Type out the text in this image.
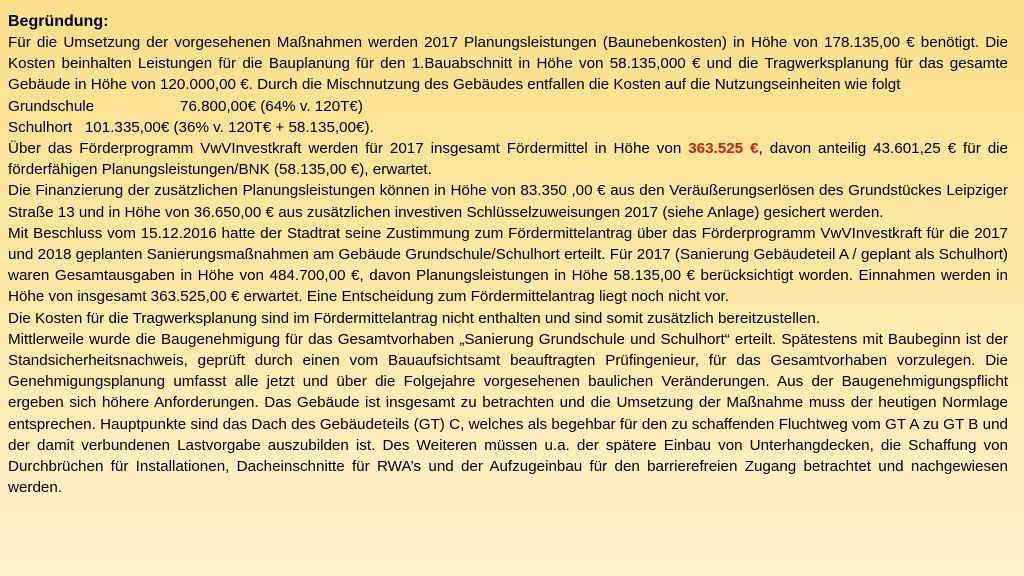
Begründung:

Für die Umsetzung der vorgesehenen Maßnahmen werden 2017 Planungsleistungen (Baunebenkosten) in Höhe von 178.135,00 € benötigt. Die Kosten beinhalten Leistungen für die Bauplanung für den 1.Bauabschnitt in Höhe von 58.135,000 € und die Tragwerksplanung für das gesamte Gebäude in Höhe von 120.000,00 €. Durch die Mischnutzung des Gebäudes entfallen die Kosten auf die Nutzungseinheiten wie folgt

Grundschule	76.800,00€ (64% v. 120T€)

Schulhort   101.335,00€ (36% v. 120T€ + 58.135,00€).

Über das Förderprogramm VwVInvestkraft werden für 2017 insgesamt Fördermittel in Höhe von 363.525 €, davon anteilig 43.601,25 € für die förderfähigen Planungsleistungen/BNK (58.135,00 €), erwartet.

Die Finanzierung der zusätzlichen Planungsleistungen können in Höhe von 83.350 ,00 € aus den Veräußerungserlösen des Grundstückes Leipziger Straße 13 und in Höhe von 36.650,00 € aus zusätzlichen investiven Schlüsselzuweisungen 2017 (siehe Anlage) gesichert werden.

Mit Beschluss vom 15.12.2016 hatte der Stadtrat seine Zustimmung zum Fördermittelantrag über das Förderprogramm VwVInvestkraft für die 2017 und 2018 geplanten Sanierungsmaßnahmen am Gebäude Grundschule/Schulhort erteilt. Für 2017 (Sanierung Gebäudeteil A / geplant als Schulhort) waren Gesamtausgaben in Höhe von 484.700,00 €, davon Planungsleistungen in Höhe 58.135,00 € berücksichtigt worden. Einnahmen werden in Höhe von insgesamt 363.525,00 € erwartet. Eine Entscheidung zum Fördermittelantrag liegt noch nicht vor.

Die Kosten für die Tragwerksplanung sind im Fördermittelantrag nicht enthalten und sind somit zusätzlich bereitzustellen.

Mittlerweile wurde die Baugenehmigung für das Gesamtvorhaben „Sanierung Grundschule und Schulhort“ erteilt. Spätestens mit Baubeginn ist der Standsicherheitsnachweis, geprüft durch einen vom Bauaufsichtsamt beauftragten Prüfingenieur, für das Gesamtvorhaben vorzulegen. Die Genehmigungsplanung umfasst alle jetzt und über die Folgejahre vorgesehenen baulichen Veränderungen. Aus der Baugenehmigungspflicht ergeben sich höhere Anforderungen. Das Gebäude ist insgesamt zu betrachten und die Umsetzung der Maßnahme muss der heutigen Normlage entsprechen. Hauptpunkte sind das Dach des Gebäudeteils (GT) C, welches als begehbar für den zu schaffenden Fluchtweg vom GT A zu GT B und der damit verbundenen Lastvorgabe auszubilden ist. Des Weiteren müssen u.a. der spätere Einbau von Unterhangdecken, die Schaffung von Durchbrüchen für Installationen, Dacheinschnitte für RWA’s und der Aufzugeinbau für den barrierefreien Zugang betrachtet und nachgewiesen werden.
